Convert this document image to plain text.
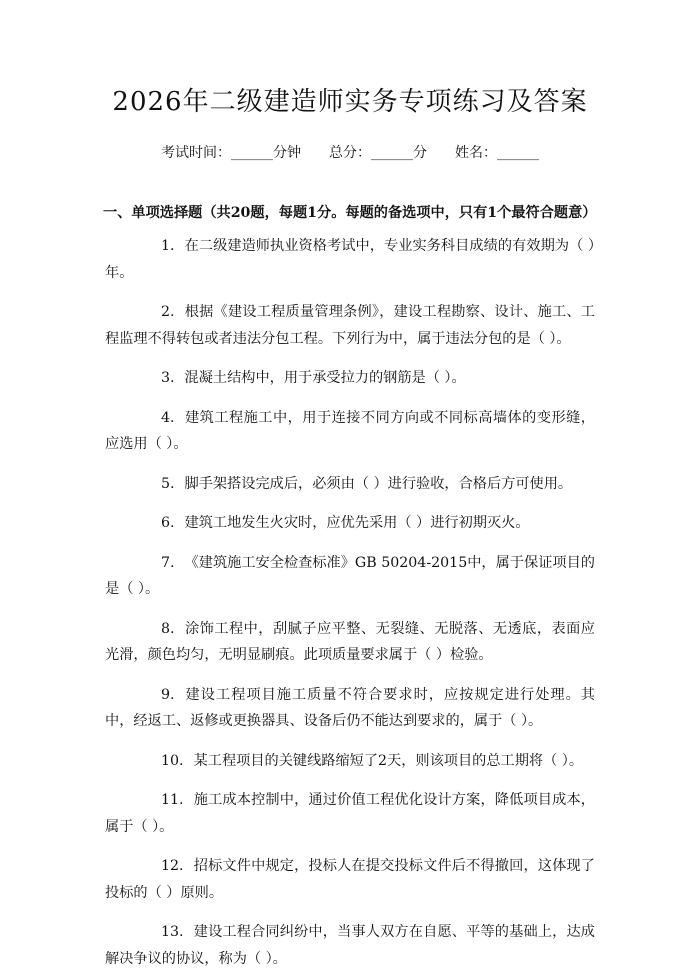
2026年二级建造师实务专项练习及答案
考试时间：______分钟 总分：______分 姓名：______
一、单项选择题（共20题，每题1分。每题的备选项中，只有1个最符合题意）
1. 在二级建造师执业资格考试中，专业实务科目成绩的有效期为（ ）年。
2. 根据《建设工程质量管理条例》，建设工程勘察、设计、施工、工程监理不得转包或者违法分包工程。下列行为中，属于违法分包的是（ ）。
3. 混凝土结构中，用于承受拉力的钢筋是（ ）。
4. 建筑工程施工中，用于连接不同方向或不同标高墙体的变形缝，应选用（ ）。
5. 脚手架搭设完成后，必须由（ ）进行验收，合格后方可使用。
6. 建筑工地发生火灾时，应优先采用（ ）进行初期灭火。
7. 《建筑施工安全检查标准》GB 50204-2015中，属于保证项目的是（ ）。
8. 涂饰工程中，刮腻子应平整、无裂缝、无脱落、无透底，表面应光滑，颜色均匀，无明显刷痕。此项质量要求属于（ ）检验。
9. 建设工程项目施工质量不符合要求时，应按规定进行处理。其中，经返工、返修或更换器具、设备后仍不能达到要求的，属于（ ）。
10. 某工程项目的关键线路缩短了2天，则该项目的总工期将（ ）。
11. 施工成本控制中，通过价值工程优化设计方案，降低项目成本，属于（ ）。
12. 招标文件中规定，投标人在提交投标文件后不得撤回，这体现了投标的（ ）原则。
13. 建设工程合同纠纷中，当事人双方在自愿、平等的基础上，达成解决争议的协议，称为（ ）。
